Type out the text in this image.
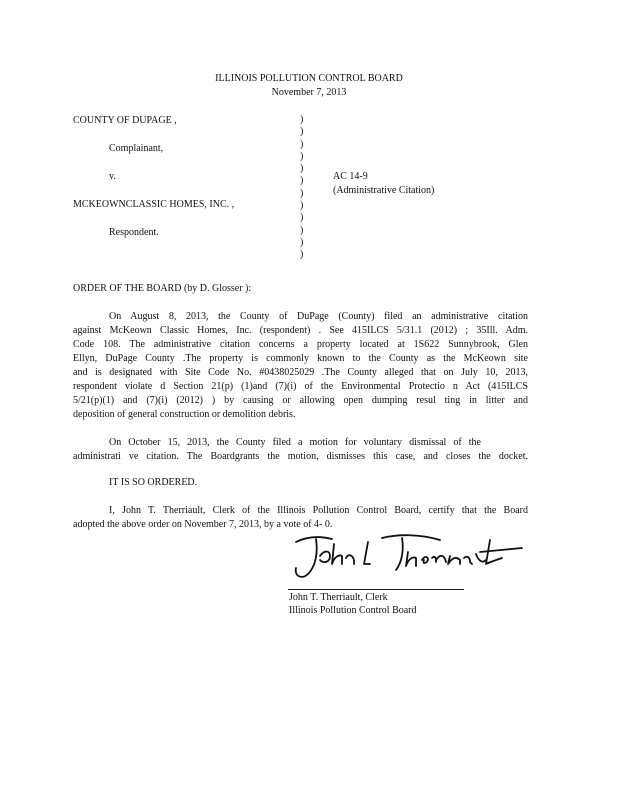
ILLINOIS POLLUTION CONTROL BOARD
November 7, 2013
COUNTY OF DUPAGE ,
Complainant,
v.
MCKEOWNCLASSIC HOMES, INC. ,
Respondent.
)
)
)
)
)
)
)
)
)
)
)
)
AC 14-9
(Administrative Citation)
ORDER OF THE BOARD (by D. Glosser ):
On August 8, 2013, the County of DuPage (County) filed an administrative citation
against McKeown Classic Homes, Inc. (respondent) . See 415ILCS 5/31.1 (2012) ; 35Ill. Adm.
Code 108. The administrative citation concerns a property located at 1S622 Sunnybrook, Glen
Ellyn, DuPage County .The property is commonly known to the County as the McKeown site
and is designated with Site Code No. #0438025029 .The County alleged that on July 10, 2013,
respondent violate d Section 21(p) (1)and (7)(i) of the Environmental Protectio n Act (415ILCS
5/21(p)(1) and (7)(i) (2012) ) by causing or allowing open dumping resul ting in litter and
deposition of general construction or demolition debris.
On October 15, 2013, the County filed a motion for voluntary dismissal of the
administrati ve citation. The Boardgrants the motion, dismisses this case, and closes the docket.
IT IS SO ORDERED.
I, John T. Therriault, Clerk of the Illinois Pollution Control Board, certify that the Board
adopted the above order on November 7, 2013, by a vote of 4- 0.
John T. Therriault, Clerk
Illinois Pollution Control Board
